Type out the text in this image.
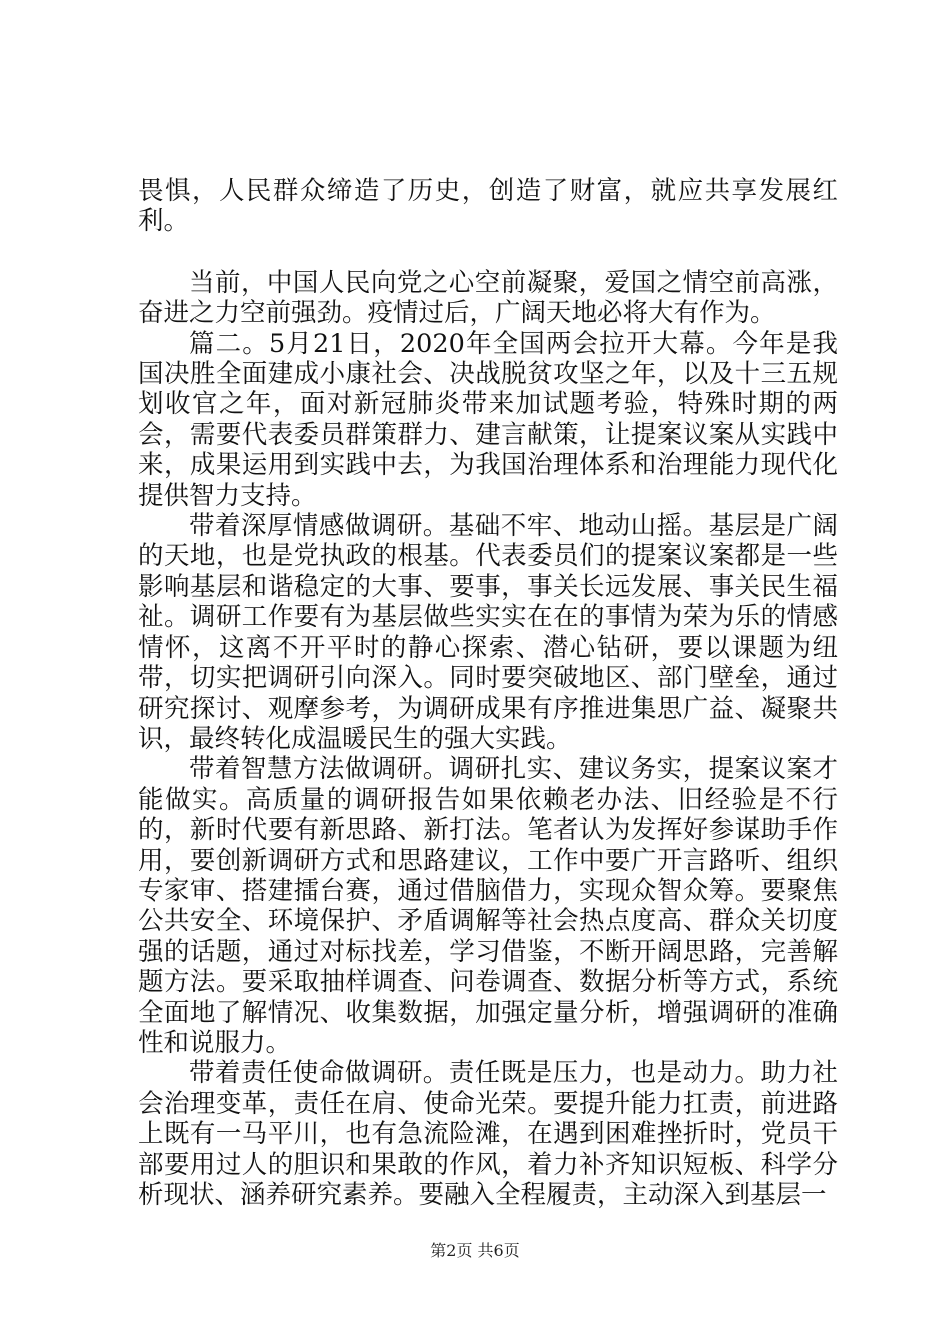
畏惧，人民群众缔造了历史，创造了财富，就应共享发展红利。

当前，中国人民向党之心空前凝聚，爱国之情空前高涨，奋进之力空前强劲。疫情过后，广阔天地必将大有作为。

篇二。5月21日，2020年全国两会拉开大幕。今年是我国决胜全面建成小康社会、决战脱贫攻坚之年，以及十三五规划收官之年，面对新冠肺炎带来加试题考验，特殊时期的两会，需要代表委员群策群力、建言献策，让提案议案从实践中来，成果运用到实践中去，为我国治理体系和治理能力现代化提供智力支持。

带着深厚情感做调研。基础不牢、地动山摇。基层是广阔的天地，也是党执政的根基。代表委员们的提案议案都是一些影响基层和谐稳定的大事、要事，事关长远发展、事关民生福祉。调研工作要有为基层做些实实在在的事情为荣为乐的情感情怀，这离不开平时的静心探索、潜心钻研，要以课题为纽带，切实把调研引向深入。同时要突破地区、部门壁垒，通过研究探讨、观摩参考，为调研成果有序推进集思广益、凝聚共识，最终转化成温暖民生的强大实践。

带着智慧方法做调研。调研扎实、建议务实，提案议案才能做实。高质量的调研报告如果依赖老办法、旧经验是不行的，新时代要有新思路、新打法。笔者认为发挥好参谋助手作用，要创新调研方式和思路建议，工作中要广开言路听、组织专家审、搭建擂台赛，通过借脑借力，实现众智众筹。要聚焦公共安全、环境保护、矛盾调解等社会热点度高、群众关切度强的话题，通过对标找差，学习借鉴，不断开阔思路，完善解题方法。要采取抽样调查、问卷调查、数据分析等方式，系统全面地了解情况、收集数据，加强定量分析，增强调研的准确性和说服力。

带着责任使命做调研。责任既是压力，也是动力。助力社会治理变革，责任在肩、使命光荣。要提升能力扛责，前进路上既有一马平川，也有急流险滩，在遇到困难挫折时，党员干部要用过人的胆识和果敢的作风，着力补齐知识短板、科学分析现状、涵养研究素养。要融入全程履责，主动深入到基层一

第2页 共6页
